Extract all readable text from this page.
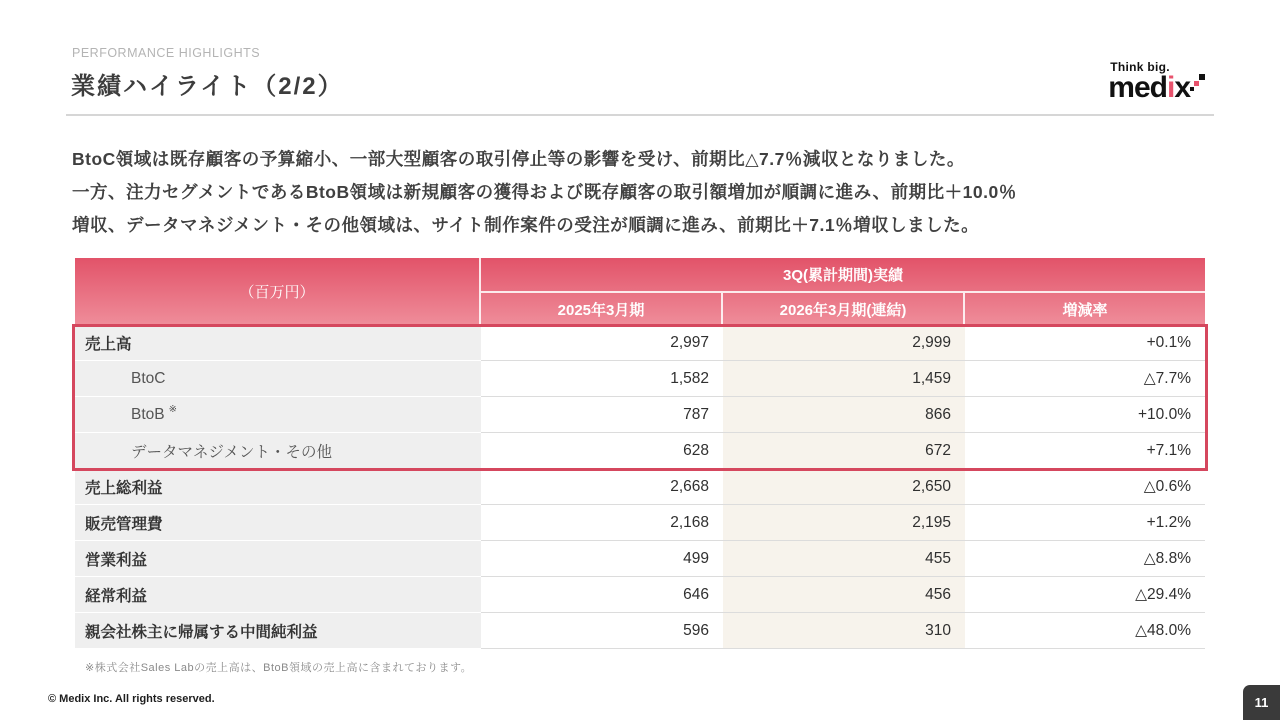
PERFORMANCE HIGHLIGHTS
業績ハイライト（2/2）
Think big.
medix
BtoC領域は既存顧客の予算縮小、一部大型顧客の取引停止等の影響を受け、前期比△7.7％減収となりました。
一方、注力セグメントであるBtoB領域は新規顧客の獲得および既存顧客の取引額増加が順調に進み、前期比＋10.0％
増収、データマネジメント・その他領域は、サイト制作案件の受注が順調に進み、前期比＋7.1％増収しました。
（百万円）
3Q(累計期間)実績
2025年3月期	2026年3月期(連結)	増減率
売上高	2,997	2,999	+0.1%
BtoC	1,582	1,459	△7.7%
BtoB ※	787	866	+10.0%
データマネジメント・その他	628	672	+7.1%
売上総利益	2,668	2,650	△0.6%
販売管理費	2,168	2,195	+1.2%
営業利益	499	455	△8.8%
経常利益	646	456	△29.4%
親会社株主に帰属する中間純利益	596	310	△48.0%
※株式会社Sales Labの売上高は、BtoB領域の売上高に含まれております。
© Medix Inc. All rights reserved.	11
